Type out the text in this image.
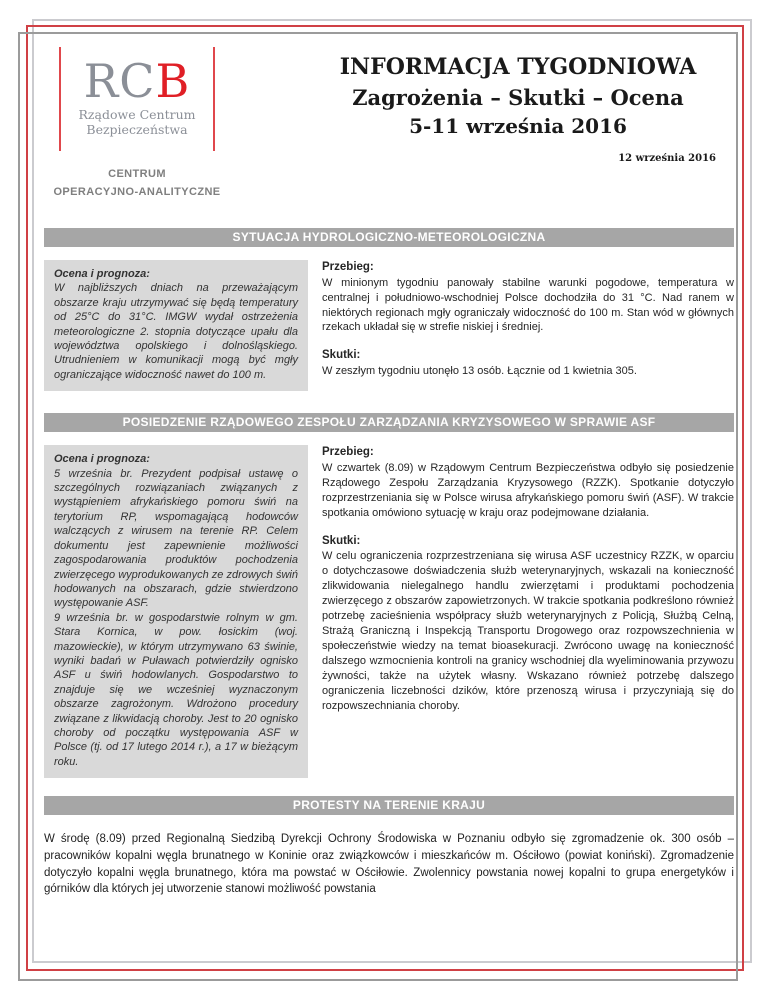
RCB
Rządowe Centrum
Bezpieczeństwa
CENTRUM
OPERACYJNO-ANALITYCZNE
INFORMACJA TYGODNIOWA
Zagrożenia – Skutki – Ocena
5-11 września 2016
12 września 2016
SYTUACJA HYDROLOGICZNO-METEOROLOGICZNA
Ocena i prognoza:
W najbliższych dniach na przeważającym obszarze kraju utrzymywać się będą temperatury od 25°C do 31°C. IMGW wydał ostrzeżenia meteorologiczne 2. stopnia dotyczące upału dla województwa opolskiego i dolnośląskiego. Utrudnieniem w komunikacji mogą być mgły ograniczające widoczność nawet do 100 m.
Przebieg:
W minionym tygodniu panowały stabilne warunki pogodowe, temperatura w centralnej i południowo-wschodniej Polsce dochodziła do 31 °C. Nad ranem w niektórych regionach mgły ograniczały widoczność do 100 m. Stan wód w głównych rzekach układał się w strefie niskiej i średniej.
Skutki:
W zeszłym tygodniu utonęło 13 osób. Łącznie od 1 kwietnia 305.
POSIEDZENIE RZĄDOWEGO ZESPOŁU ZARZĄDZANIA KRYZYSOWEGO W SPRAWIE ASF
Ocena i prognoza:
5 września br. Prezydent podpisał ustawę o szczególnych rozwiązaniach związanych z wystąpieniem afrykańskiego pomoru świń na terytorium RP, wspomagającą hodowców walczących z wirusem na terenie RP. Celem dokumentu jest zapewnienie możliwości zagospodarowania produktów pochodzenia zwierzęcego wyprodukowanych ze zdrowych świń hodowanych na obszarach, gdzie stwierdzono występowanie ASF.
9 września br. w gospodarstwie rolnym w gm. Stara Kornica, w pow. łosickim (woj. mazowieckie), w którym utrzymywano 63 świnie, wyniki badań w Puławach potwierdziły ognisko ASF u świń hodowlanych. Gospodarstwo to znajduje się we wcześniej wyznaczonym obszarze zagrożonym. Wdrożono procedury związane z likwidacją choroby. Jest to 20 ognisko choroby od początku występowania ASF w Polsce (tj. od 17 lutego 2014 r.), a 17 w bieżącym roku.
Przebieg:
W czwartek (8.09) w Rządowym Centrum Bezpieczeństwa odbyło się posiedzenie Rządowego Zespołu Zarządzania Kryzysowego (RZZK). Spotkanie dotyczyło rozprzestrzeniania się w Polsce wirusa afrykańskiego pomoru świń (ASF). W trakcie spotkania omówiono sytuację w kraju oraz podejmowane działania.
Skutki:
W celu ograniczenia rozprzestrzeniana się wirusa ASF uczestnicy RZZK, w oparciu o dotychczasowe doświadczenia służb weterynaryjnych, wskazali na konieczność zlikwidowania nielegalnego handlu zwierzętami i produktami pochodzenia zwierzęcego z obszarów zapowietrzonych. W trakcie spotkania podkreślono również potrzebę zacieśnienia współpracy służb weterynaryjnych z Policją, Służbą Celną, Strażą Graniczną i Inspekcją Transportu Drogowego oraz rozpowszechnienia w społeczeństwie wiedzy na temat bioasekuracji. Zwrócono uwagę na konieczność dalszego wzmocnienia kontroli na granicy wschodniej dla wyeliminowania przywozu żywności, także na użytek własny. Wskazano również potrzebę dalszego ograniczenia liczebności dzików, które przenoszą wirusa i przyczyniają się do rozpowszechniania choroby.
PROTESTY NA TERENIE KRAJU
W środę (8.09) przed Regionalną Siedzibą Dyrekcji Ochrony Środowiska w Poznaniu odbyło się zgromadzenie ok. 300 osób – pracowników kopalni węgla brunatnego w Koninie oraz związkowców i mieszkańców m. Ościłowo (powiat koniński). Zgromadzenie dotyczyło kopalni węgla brunatnego, która ma powstać w Ościłowie. Zwolennicy powstania nowej kopalni to grupa energetyków i górników dla których jej utworzenie stanowi możliwość powstania
